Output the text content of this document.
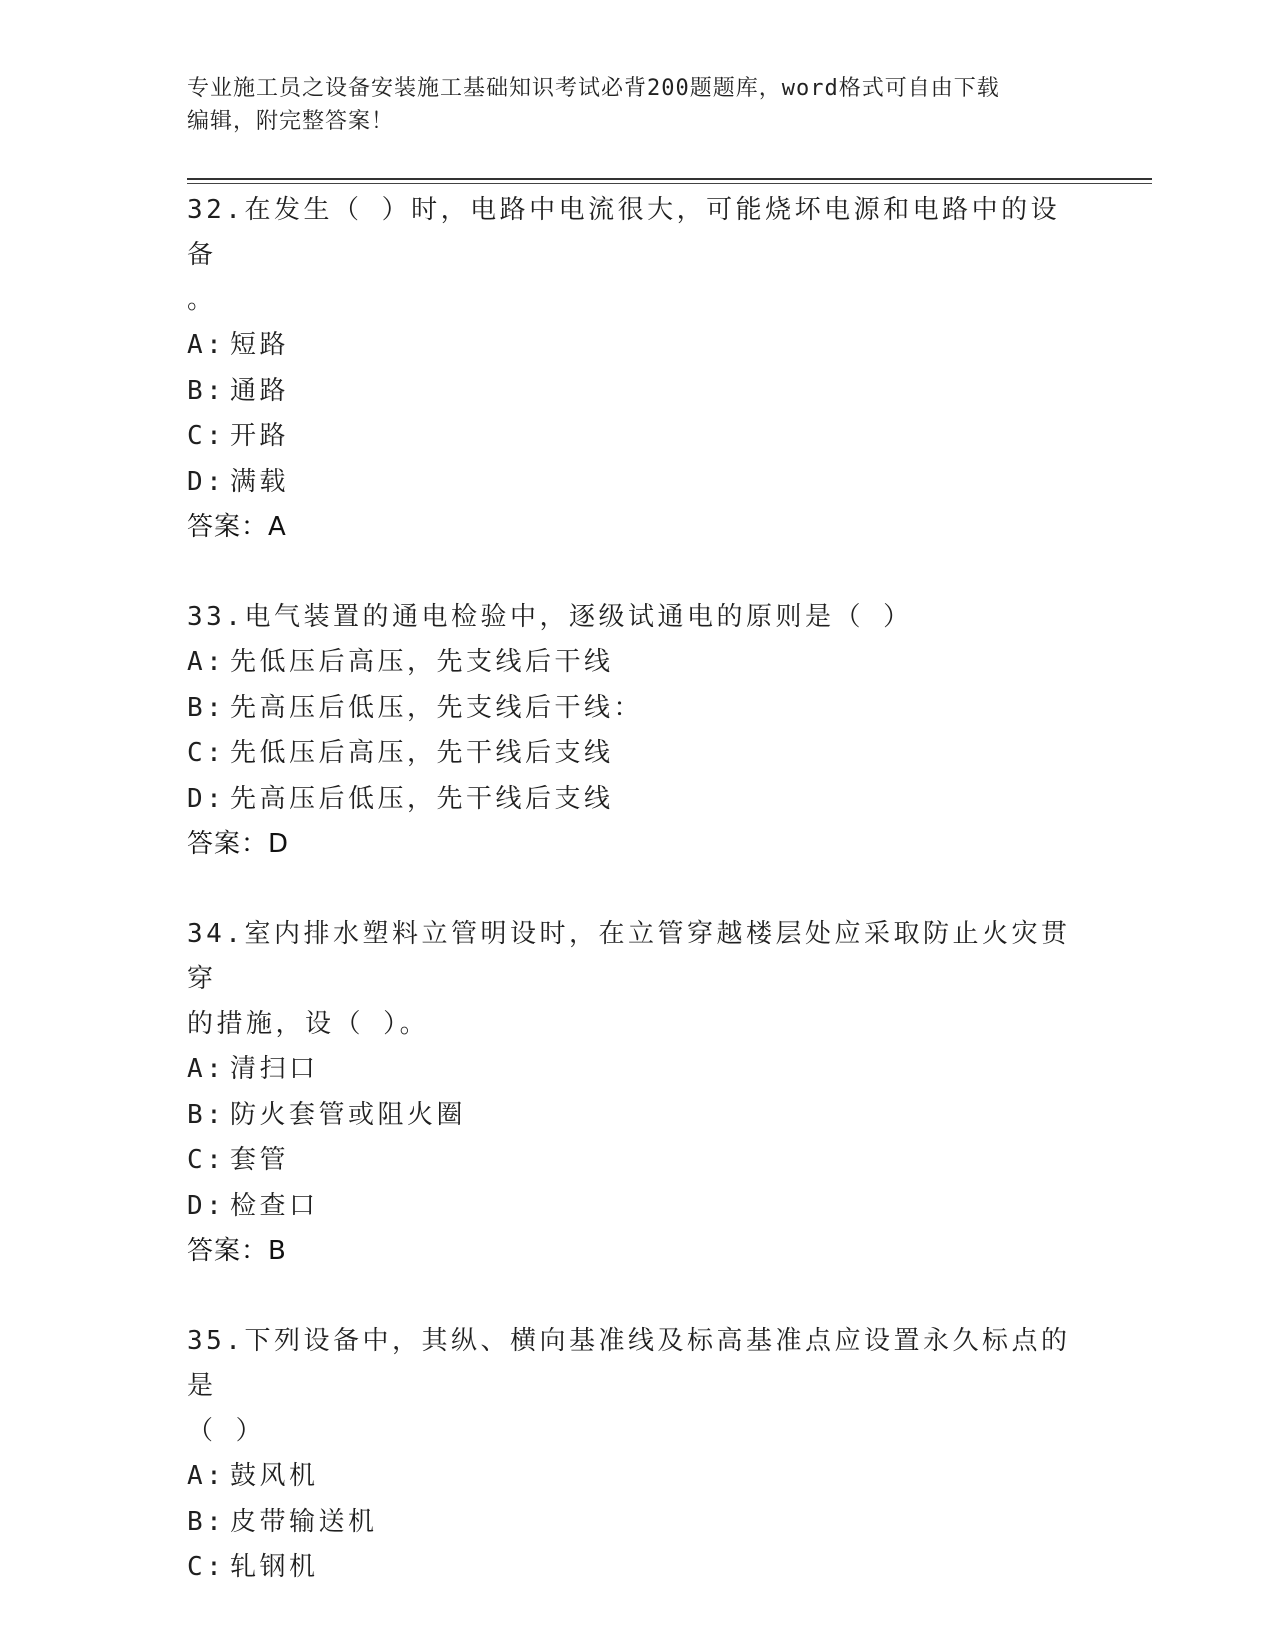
专业施工员之设备安装施工基础知识考试必背200题题库，word格式可自由下载
编辑，附完整答案！

32.在发生（ ）时，电路中电流很大，可能烧坏电源和电路中的设备

。

A: 短路
B: 通路
C: 开路
D: 满载

答案：A

33.电气装置的通电检验中，逐级试通电的原则是（ ）

A: 先低压后高压，先支线后干线
B: 先高压后低压，先支线后干线：
C: 先低压后高压，先干线后支线
D: 先高压后低压，先干线后支线

答案：D

34.室内排水塑料立管明设时，在立管穿越楼层处应采取防止火灾贯穿

的措施，设（ ）。

A: 清扫口
B: 防火套管或阻火圈
C: 套管
D: 检查口

答案：B

35.下列设备中，其纵、横向基准线及标高基准点应设置永久标点的是

（ ）

A: 鼓风机
B: 皮带输送机
C: 轧钢机
